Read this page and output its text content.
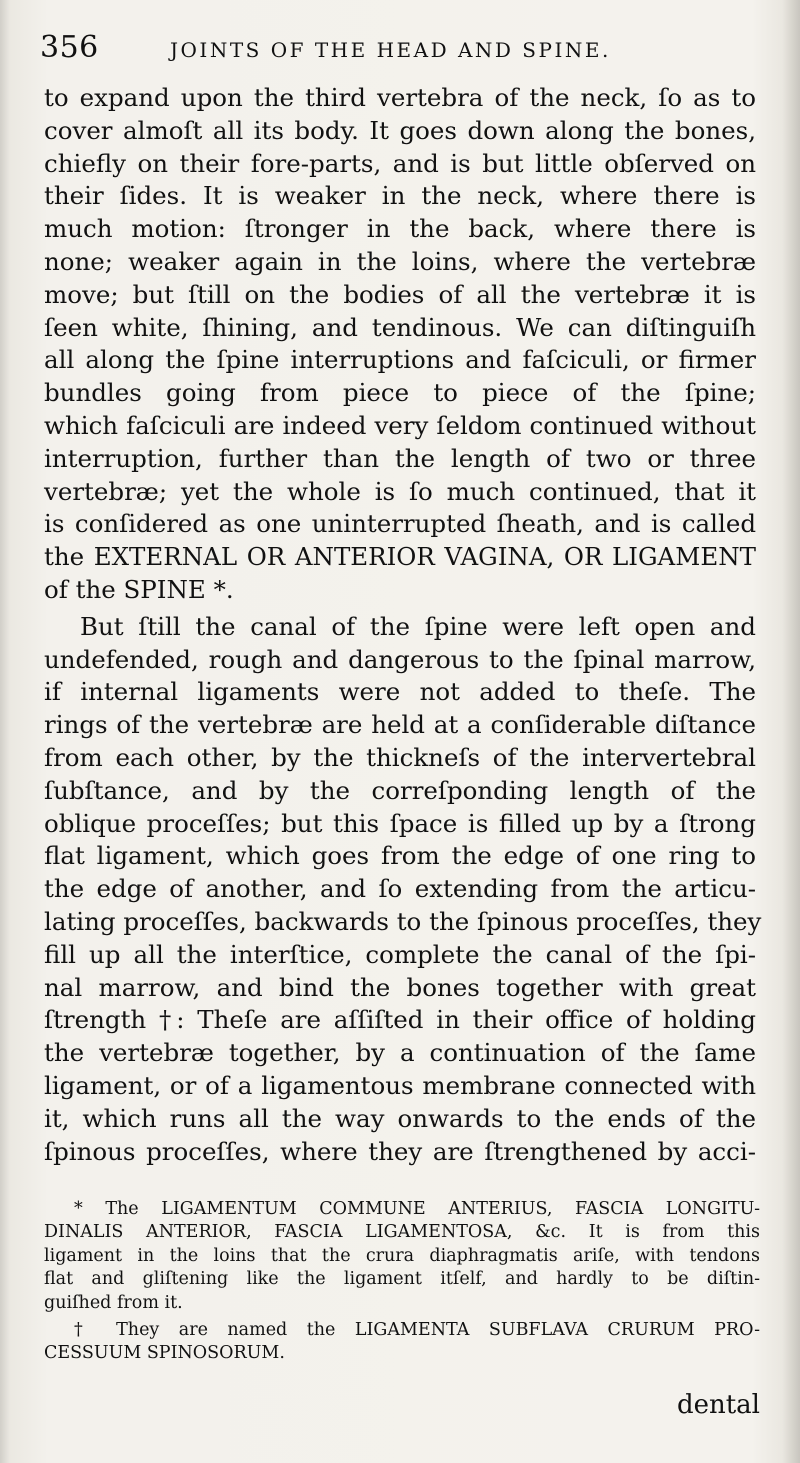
356	JOINTS OF THE HEAD AND SPINE.
to expand upon the third vertebra of the neck, ſo as to
cover almoſt all its body. It goes down along the bones,
chiefly on their fore-parts, and is but little obſerved on
their ſides. It is weaker in the neck, where there is
much motion: ſtronger in the back, where there is
none; weaker again in the loins, where the vertebræ
move; but ſtill on the bodies of all the vertebræ it is
ſeen white, ſhining, and tendinous. We can diſtinguiſh
all along the ſpine interruptions and faſciculi, or firmer
bundles going from piece to piece of the ſpine;
which faſciculi are indeed very ſeldom continued without
interruption, further than the length of two or three
vertebræ; yet the whole is ſo much continued, that it
is conſidered as one uninterrupted ſheath, and is called
the EXTERNAL OR ANTERIOR VAGINA, OR LIGAMENT
of the SPINE *.
But ſtill the canal of the ſpine were left open and
undefended, rough and dangerous to the ſpinal marrow,
if internal ligaments were not added to theſe. The
rings of the vertebræ are held at a conſiderable diſtance
from each other, by the thickneſs of the intervertebral
ſubſtance, and by the correſponding length of the
oblique proceſſes; but this ſpace is filled up by a ſtrong
flat ligament, which goes from the edge of one ring to
the edge of another, and ſo extending from the articu-
lating proceſſes, backwards to the ſpinous proceſſes, they
fill up all the interſtice, complete the canal of the ſpi-
nal marrow, and bind the bones together with great
ſtrength †: Theſe are aſſiſted in their office of holding
the vertebræ together, by a continuation of the ſame
ligament, or of a ligamentous membrane connected with
it, which runs all the way onwards to the ends of the
ſpinous proceſſes, where they are ſtrengthened by acci-
* The LIGAMENTUM COMMUNE ANTERIUS, FASCIA LONGITU-
DINALIS ANTERIOR, FASCIA LIGAMENTOSA, &c. It is from this
ligament in the loins that the crura diaphragmatis ariſe, with tendons
flat and gliſtening like the ligament itſelf, and hardly to be diſtin-
guiſhed from it.
† They are named the LIGAMENTA SUBFLAVA CRURUM PRO-
CESSUUM SPINOSORUM.
dental
